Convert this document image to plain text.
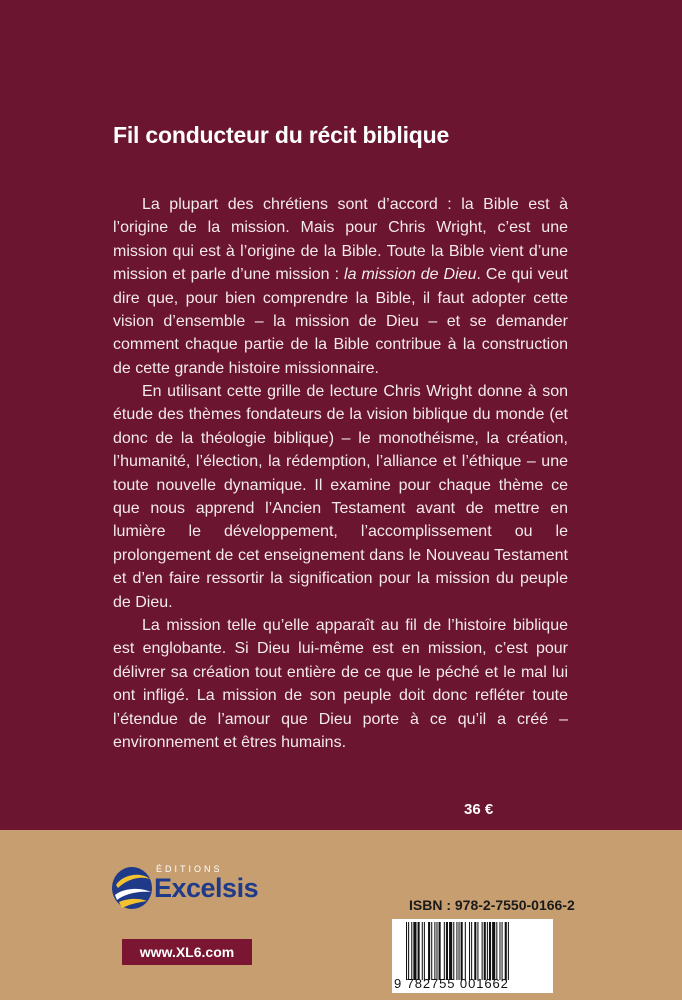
Fil conducteur du récit biblique

La plupart des chrétiens sont d’accord : la Bible est à l’origine de la mission. Mais pour Chris Wright, c’est une mission qui est à l’origine de la Bible. Toute la Bible vient d’une mission et parle d’une mission : la mission de Dieu. Ce qui veut dire que, pour bien comprendre la Bible, il faut adopter cette vision d’ensemble – la mission de Dieu – et se demander comment chaque partie de la Bible contribue à la construction de cette grande histoire missionnaire.

En utilisant cette grille de lecture Chris Wright donne à son étude des thèmes fondateurs de la vision biblique du monde (et donc de la théologie biblique) – le monothéisme, la création, l’humanité, l’élection, la rédemption, l’alliance et l’éthique – une toute nouvelle dynamique. Il examine pour chaque thème ce que nous apprend l’Ancien Testament avant de mettre en lumière le développement, l’accomplissement ou le prolongement de cet enseignement dans le Nouveau Testament et d’en faire ressortir la signification pour la mission du peuple de Dieu.

La mission telle qu’elle apparaît au fil de l’histoire biblique est englobante. Si Dieu lui-même est en mission, c’est pour délivrer sa création tout entière de ce que le péché et le mal lui ont infligé. La mission de son peuple doit donc refléter toute l’étendue de l’amour que Dieu porte à ce qu’il a créé – environnement et êtres humains.

36 €
ÉDITIONS
Excelsis
www.XL6.com
ISBN : 978-2-7550-0166-2
9 782755 001662
